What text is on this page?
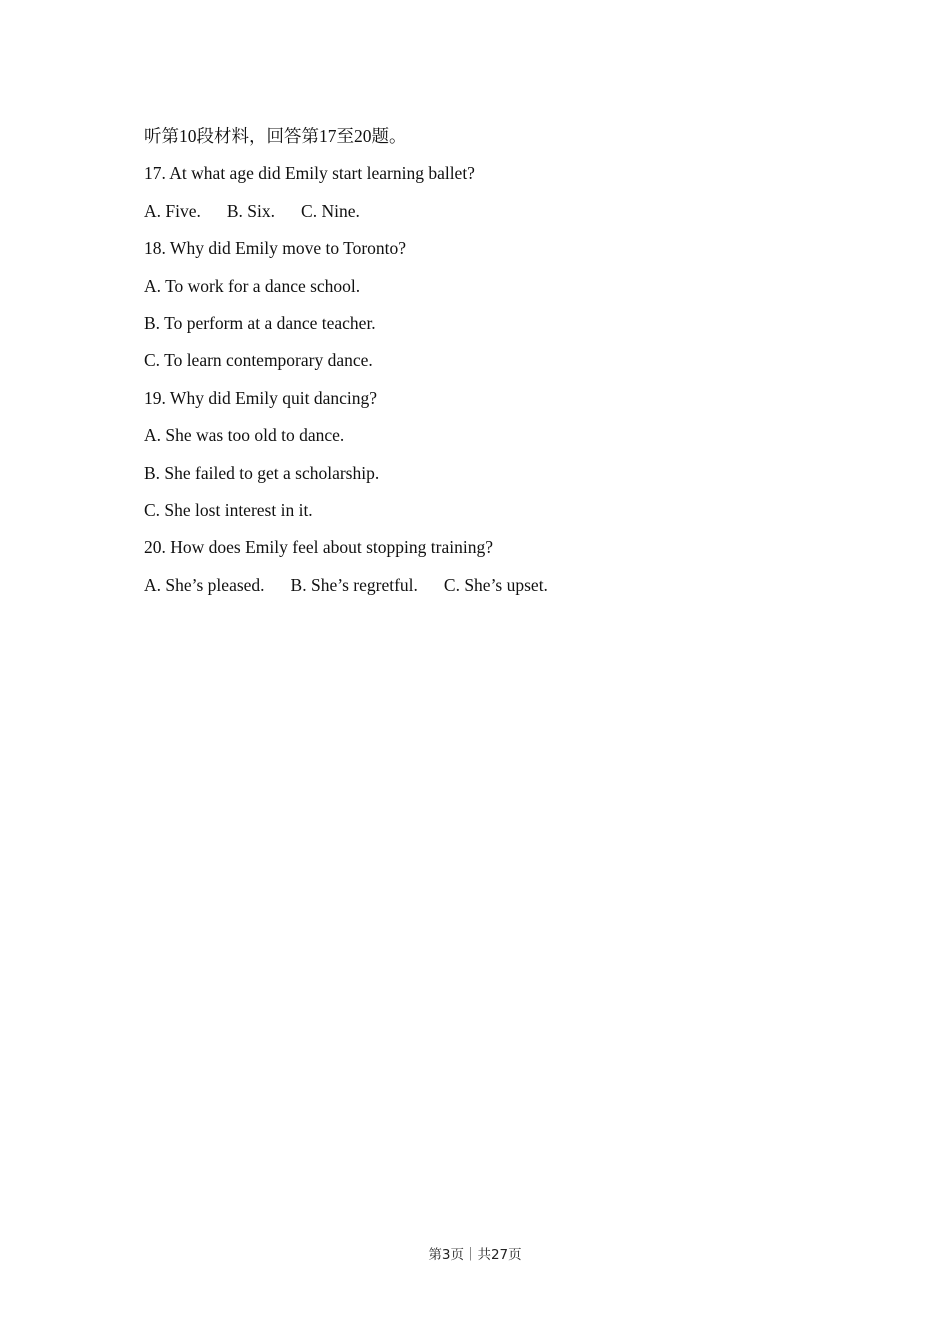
听第10段材料，回答第17至20题。
17. At what age did Emily start learning ballet?
A. Five. B. Six. C. Nine.
18. Why did Emily move to Toronto?
A. To work for a dance school.
B. To perform at a dance teacher.
C. To learn contemporary dance.
19. Why did Emily quit dancing?
A. She was too old to dance.
B. She failed to get a scholarship.
C. She lost interest in it.
20. How does Emily feel about stopping training?
A. She’s pleased. B. She’s regretful. C. She’s upset.
第3页｜共27页
